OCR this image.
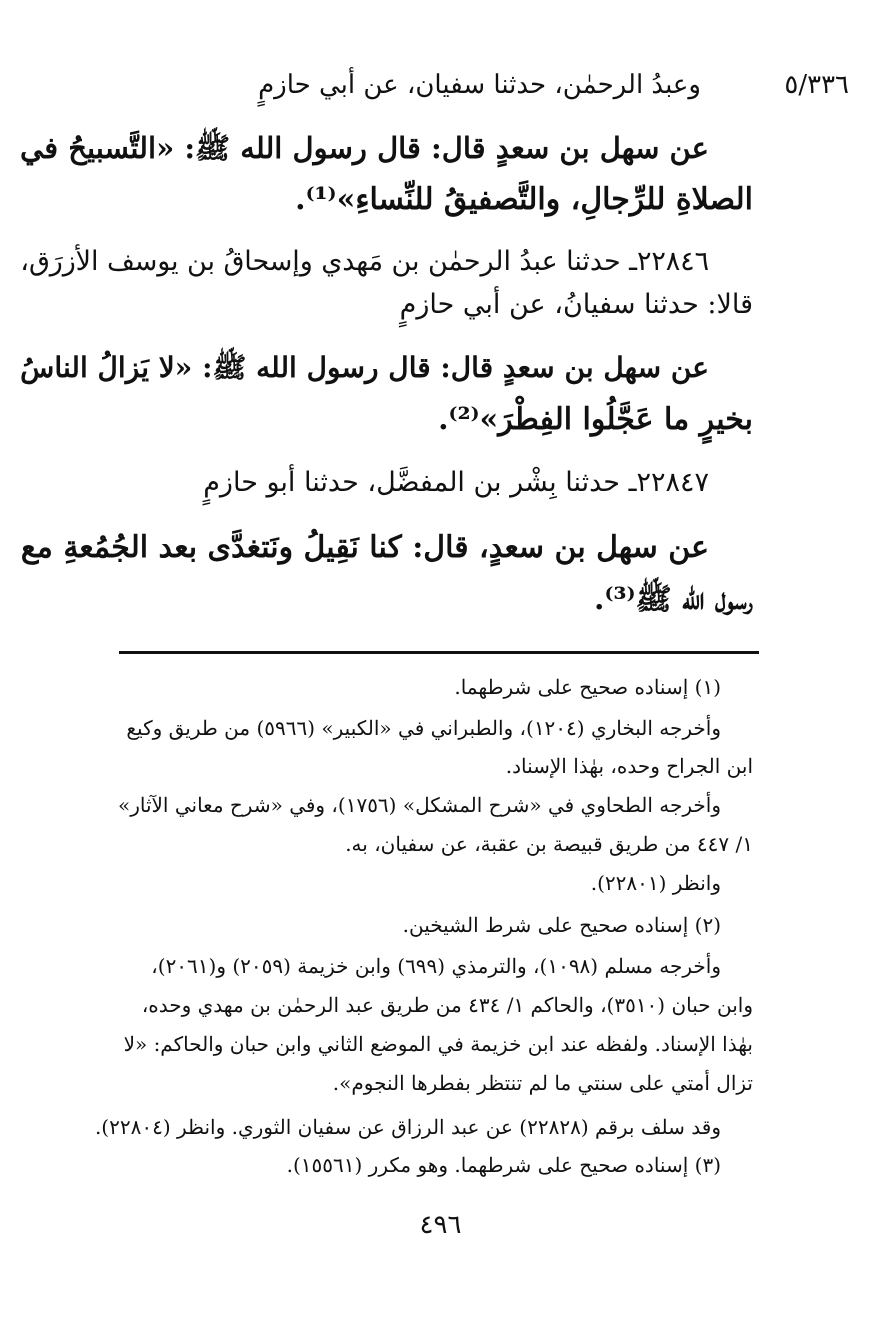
٥/٣٣٦
وعبدُ الرحمٰن، حدثنا سفيان، عن أبي حازمٍ
عن سهل بن سعدٍ قال: قال رسول الله ﷺ: «التَّسبيحُ في
الصلاةِ للرِّجالِ، والتَّصفيقُ للنِّساءِ»⁽¹⁾.
٢٢٨٤٦ـ حدثنا عبدُ الرحمٰن بن مَهدي وإسحاقُ بن يوسف الأزرَق،
قالا: حدثنا سفيانُ، عن أبي حازمٍ
عن سهل بن سعدٍ قال: قال رسول الله ﷺ: «لا يَزالُ الناسُ
بخيرٍ ما عَجَّلُوا الفِطْرَ»⁽²⁾.
٢٢٨٤٧ـ حدثنا بِشْر بن المفضَّل، حدثنا أبو حازمٍ
عن سهل بن سعدٍ، قال: كنا نَقِيلُ ونَتغدَّى بعد الجُمُعةِ مع
رسول الله ﷺ⁽³⁾.
(١) إسناده صحيح على شرطهما.
وأخرجه البخاري (١٢٠٤)، والطبراني في «الكبير» (٥٩٦٦) من طريق وكيع
ابن الجراح وحده، بهٰذا الإسناد.
وأخرجه الطحاوي في «شرح المشكل» (١٧٥٦)، وفي «شرح معاني الآثار»
١/ ٤٤٧ من طريق قبيصة بن عقبة، عن سفيان، به.
وانظر (٢٢٨٠١).
(٢) إسناده صحيح على شرط الشيخين.
وأخرجه مسلم (١٠٩٨)، والترمذي (٦٩٩) وابن خزيمة (٢٠٥٩) و(٢٠٦١)،
وابن حبان (٣٥١٠)، والحاكم ١/ ٤٣٤ من طريق عبد الرحمٰن بن مهدي وحده،
بهٰذا الإسناد. ولفظه عند ابن خزيمة في الموضع الثاني وابن حبان والحاكم: «لا
تزال أمتي على سنتي ما لم تنتظر بفطرها النجوم».
وقد سلف برقم (٢٢٨٢٨) عن عبد الرزاق عن سفيان الثوري. وانظر (٢٢٨٠٤).
(٣) إسناده صحيح على شرطهما. وهو مكرر (١٥٥٦١).
٤٩٦
